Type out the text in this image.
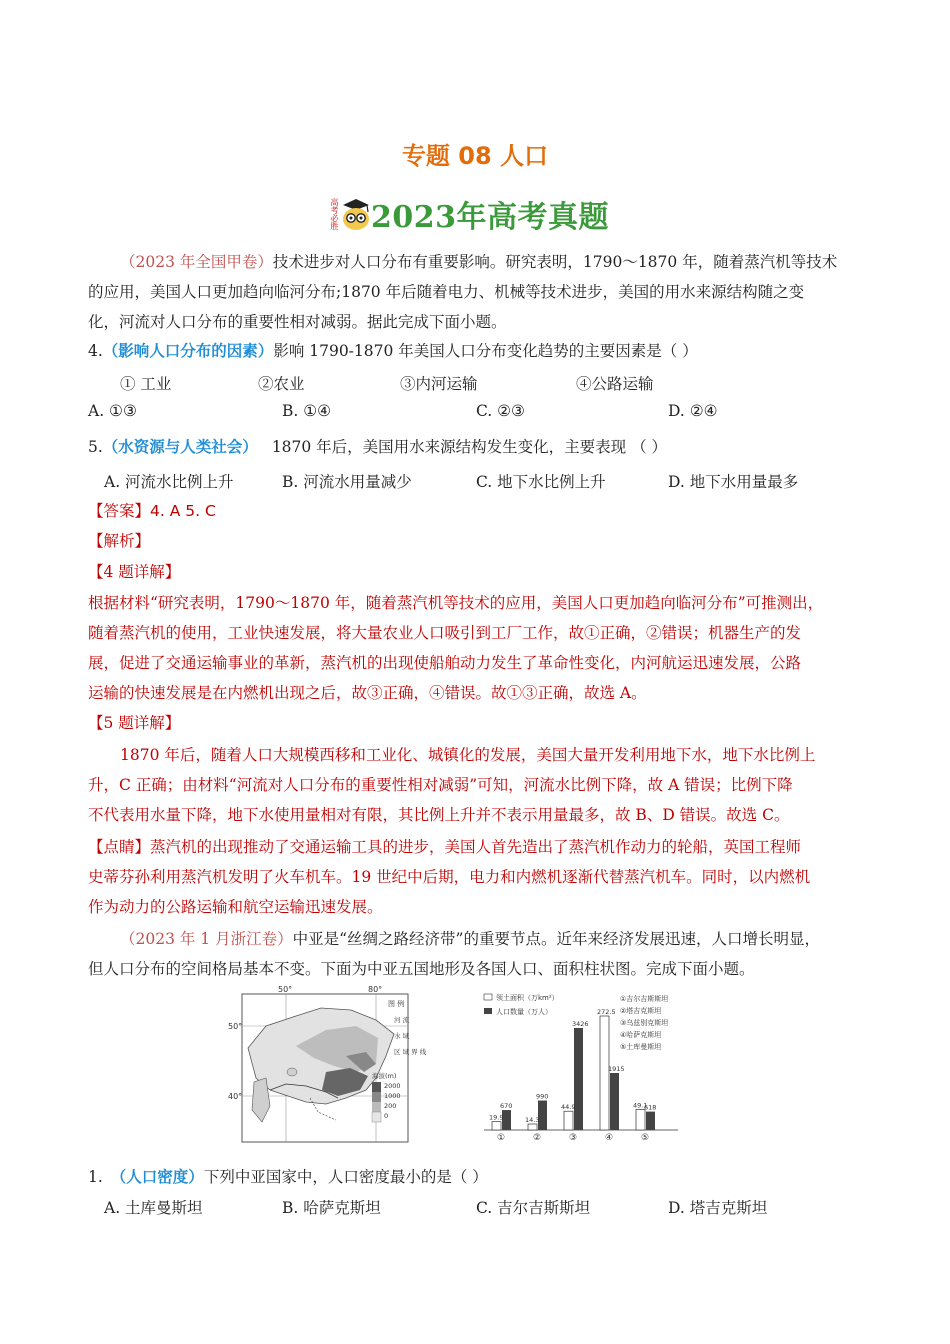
专题 08 人口
高考必胜 2023年高考真题
（2023 年全国甲卷）技术进步对人口分布有重要影响。研究表明，1790～1870 年，随着蒸汽机等技术
的应用，美国人口更加趋向临河分布;1870 年后随着电力、机械等技术进步，美国的用水来源结构随之变
化，河流对人口分布的重要性相对减弱。据此完成下面小题。
4.（影响人口分布的因素）影响 1790-1870 年美国人口分布变化趋势的主要因素是（ ）
① 工业	②农业	③内河运输	④公路运输
A. ①③	B. ①④	C. ②③	D. ②④
5.（水资源与人类社会） 1870 年后，美国用水来源结构发生变化，主要表现 （ ）
A. 河流水比例上升	B. 河流水用量减少	C. 地下水比例上升	D. 地下水用量最多
【答案】4. A 5. C
【解析】
【4 题详解】
根据材料“研究表明，1790～1870 年，随着蒸汽机等技术的应用，美国人口更加趋向临河分布”可推测出，
随着蒸汽机的使用，工业快速发展，将大量农业人口吸引到工厂工作，故①正确，②错误；机器生产的发
展，促进了交通运输事业的革新，蒸汽机的出现使船舶动力发生了革命性变化，内河航运迅速发展，公路
运输的快速发展是在内燃机出现之后，故③正确，④错误。故①③正确，故选 A。
【5 题详解】
1870 年后，随着人口大规模西移和工业化、城镇化的发展，美国大量开发利用地下水，地下水比例上
升，C 正确；由材料“河流对人口分布的重要性相对减弱”可知，河流水比例下降，故 A 错误；比例下降
不代表用水量下降，地下水使用量相对有限，其比例上升并不表示用量最多，故 B、D 错误。故选 C。
【点睛】蒸汽机的出现推动了交通运输工具的进步，美国人首先造出了蒸汽机作动力的轮船，英国工程师
史蒂芬孙利用蒸汽机发明了火车机车。19 世纪中后期，电力和内燃机逐渐代替蒸汽机车。同时，以内燃机
作为动力的公路运输和航空运输迅速发展。
（2023 年 1 月浙江卷）中亚是“丝绸之路经济带”的重要节点。近年来经济发展迅速，人口增长明显，
但人口分布的空间格局基本不变。下面为中亚五国地形及各国人口、面积柱状图。完成下面小题。
50°	80°
50°
40°
图 例
河 流
水 域
区 域 界 线
海拔(m)
2000
1000
200
0
领土面积（万km²）
人口数量（万人）
①吉尔吉斯斯坦
②塔吉克斯坦
③乌兹别克斯坦
④哈萨克斯坦
⑤土库曼斯坦
19.9
670
①
14.3
990
②
44.9
3426
③
272.5
1915
④
49.1
618
⑤
1. （人口密度）下列中亚国家中，人口密度最小的是（ ）
A. 土库曼斯坦	B. 哈萨克斯坦	C. 吉尔吉斯斯坦	D. 塔吉克斯坦
